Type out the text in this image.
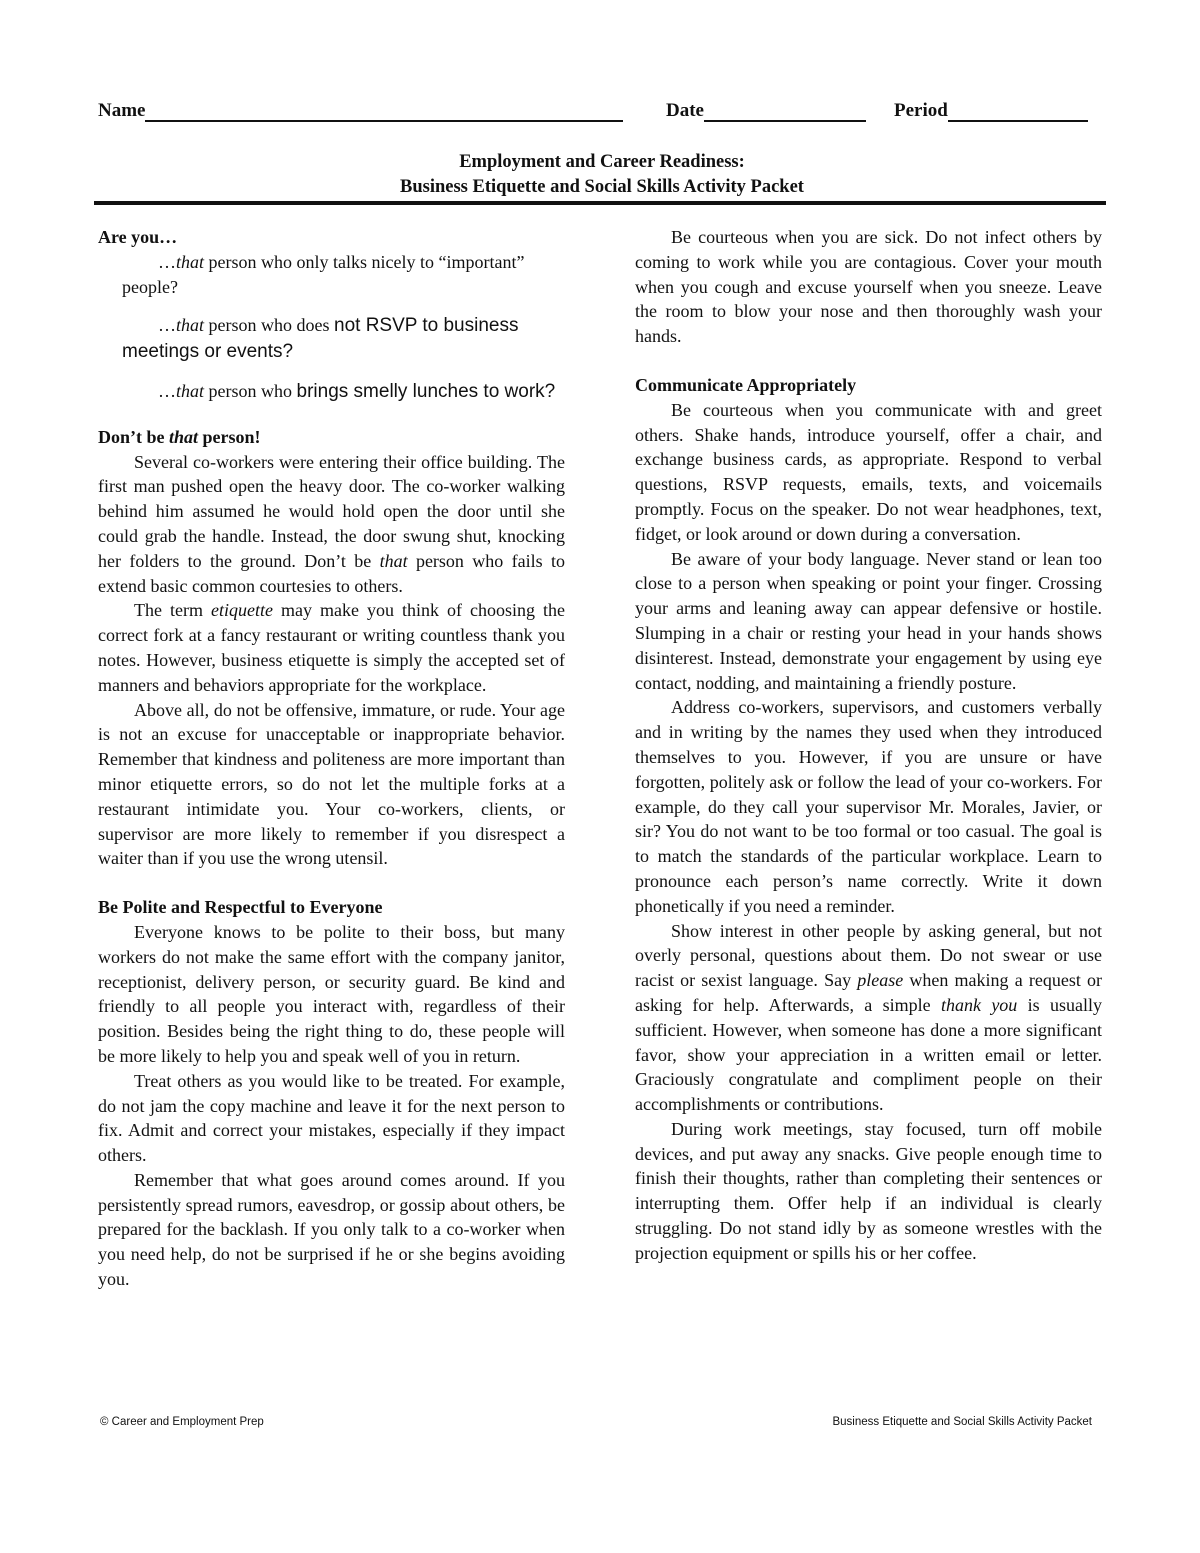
Name	Date	Period
Employment and Career Readiness:
Business Etiquette and Social Skills Activity Packet
Are you…

…that person who only talks nicely to “important” people?

…that person who does not RSVP to business meetings or events?

…that person who brings smelly lunches to work?

Don’t be that person!

Several co-workers were entering their office building. The first man pushed open the heavy door. The co-worker walking behind him assumed he would hold open the door until she could grab the handle. Instead, the door swung shut, knocking her folders to the ground. Don’t be that person who fails to extend basic common courtesies to others.

The term etiquette may make you think of choosing the correct fork at a fancy restaurant or writing countless thank you notes. However, business etiquette is simply the accepted set of manners and behaviors appropriate for the workplace.

Above all, do not be offensive, immature, or rude. Your age is not an excuse for unacceptable or inappropriate behavior. Remember that kindness and politeness are more important than minor etiquette errors, so do not let the multiple forks at a restaurant intimidate you. Your co-workers, clients, or supervisor are more likely to remember if you disrespect a waiter than if you use the wrong utensil.

Be Polite and Respectful to Everyone

Everyone knows to be polite to their boss, but many workers do not make the same effort with the company janitor, receptionist, delivery person, or security guard. Be kind and friendly to all people you interact with, regardless of their position. Besides being the right thing to do, these people will be more likely to help you and speak well of you in return.

Treat others as you would like to be treated. For example, do not jam the copy machine and leave it for the next person to fix. Admit and correct your mistakes, especially if they impact others.

Remember that what goes around comes around. If you persistently spread rumors, eavesdrop, or gossip about others, be prepared for the backlash. If you only talk to a co-worker when you need help, do not be surprised if he or she begins avoiding you.

Be courteous when you are sick. Do not infect others by coming to work while you are contagious. Cover your mouth when you cough and excuse yourself when you sneeze. Leave the room to blow your nose and then thoroughly wash your hands.

Communicate Appropriately

Be courteous when you communicate with and greet others. Shake hands, introduce yourself, offer a chair, and exchange business cards, as appropriate. Respond to verbal questions, RSVP requests, emails, texts, and voicemails promptly. Focus on the speaker. Do not wear headphones, text, fidget, or look around or down during a conversation.

Be aware of your body language. Never stand or lean too close to a person when speaking or point your finger. Crossing your arms and leaning away can appear defensive or hostile. Slumping in a chair or resting your head in your hands shows disinterest. Instead, demonstrate your engagement by using eye contact, nodding, and maintaining a friendly posture.

Address co-workers, supervisors, and customers verbally and in writing by the names they used when they introduced themselves to you. However, if you are unsure or have forgotten, politely ask or follow the lead of your co-workers. For example, do they call your supervisor Mr. Morales, Javier, or sir? You do not want to be too formal or too casual. The goal is to match the standards of the particular workplace. Learn to pronounce each person’s name correctly. Write it down phonetically if you need a reminder.

Show interest in other people by asking general, but not overly personal, questions about them. Do not swear or use racist or sexist language. Say please when making a request or asking for help. Afterwards, a simple thank you is usually sufficient. However, when someone has done a more significant favor, show your appreciation in a written email or letter. Graciously congratulate and compliment people on their accomplishments or contributions.

During work meetings, stay focused, turn off mobile devices, and put away any snacks. Give people enough time to finish their thoughts, rather than completing their sentences or interrupting them. Offer help if an individual is clearly struggling. Do not stand idly by as someone wrestles with the projection equipment or spills his or her coffee.

© Career and Employment Prep	Business Etiquette and Social Skills Activity Packet
